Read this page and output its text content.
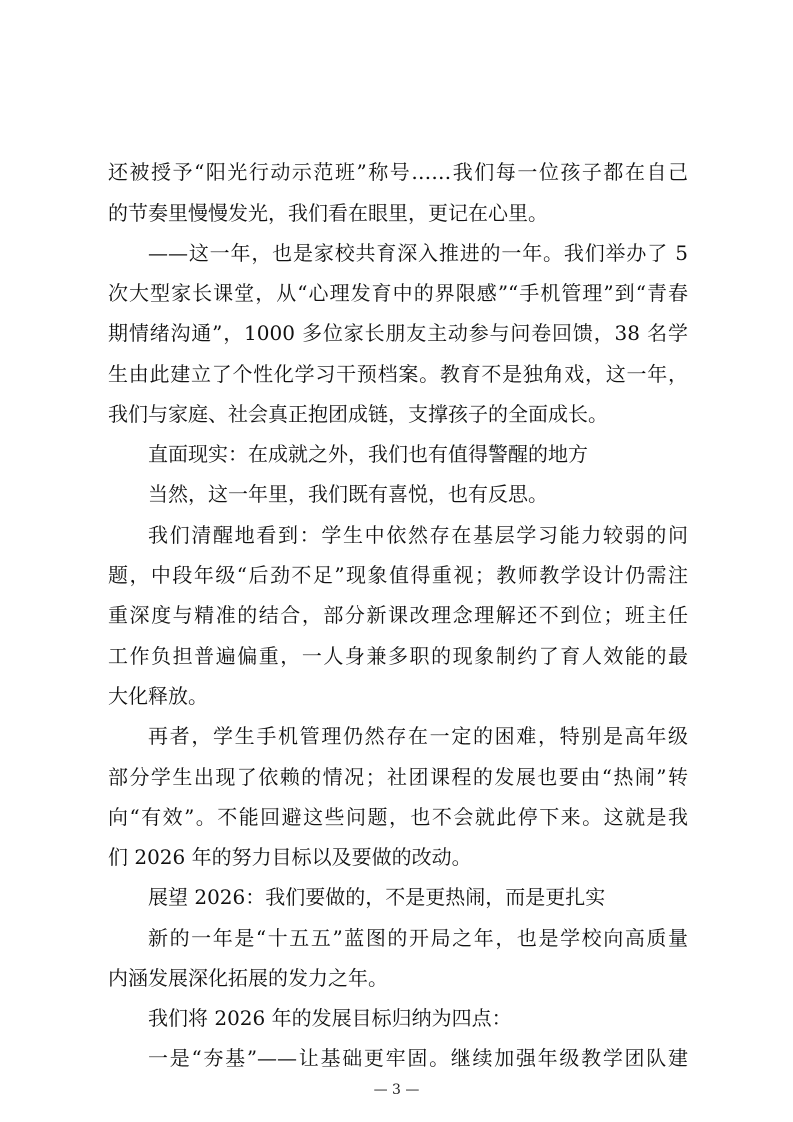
还被授予“阳光行动示范班”称号……我们每一位孩子都在自己
的节奏里慢慢发光，我们看在眼里，更记在心里。
——这一年，也是家校共育深入推进的一年。我们举办了 5
次大型家长课堂，从“心理发育中的界限感”“手机管理”到“青春
期情绪沟通”，1000 多位家长朋友主动参与问卷回馈，38 名学
生由此建立了个性化学习干预档案。教育不是独角戏，这一年，
我们与家庭、社会真正抱团成链，支撑孩子的全面成长。
直面现实：在成就之外，我们也有值得警醒的地方
当然，这一年里，我们既有喜悦，也有反思。
我们清醒地看到：学生中依然存在基层学习能力较弱的问
题，中段年级“后劲不足”现象值得重视；教师教学设计仍需注
重深度与精准的结合，部分新课改理念理解还不到位；班主任
工作负担普遍偏重，一人身兼多职的现象制约了育人效能的最
大化释放。
再者，学生手机管理仍然存在一定的困难，特别是高年级
部分学生出现了依赖的情况；社团课程的发展也要由“热闹”转
向“有效”。不能回避这些问题，也不会就此停下来。这就是我
们 2026 年的努力目标以及要做的改动。
展望 2026：我们要做的，不是更热闹，而是更扎实
新的一年是“十五五”蓝图的开局之年，也是学校向高质量
内涵发展深化拓展的发力之年。
我们将 2026 年的发展目标归纳为四点：
一是“夯基”——让基础更牢固。继续加强年级教学团队建
— 3 —
